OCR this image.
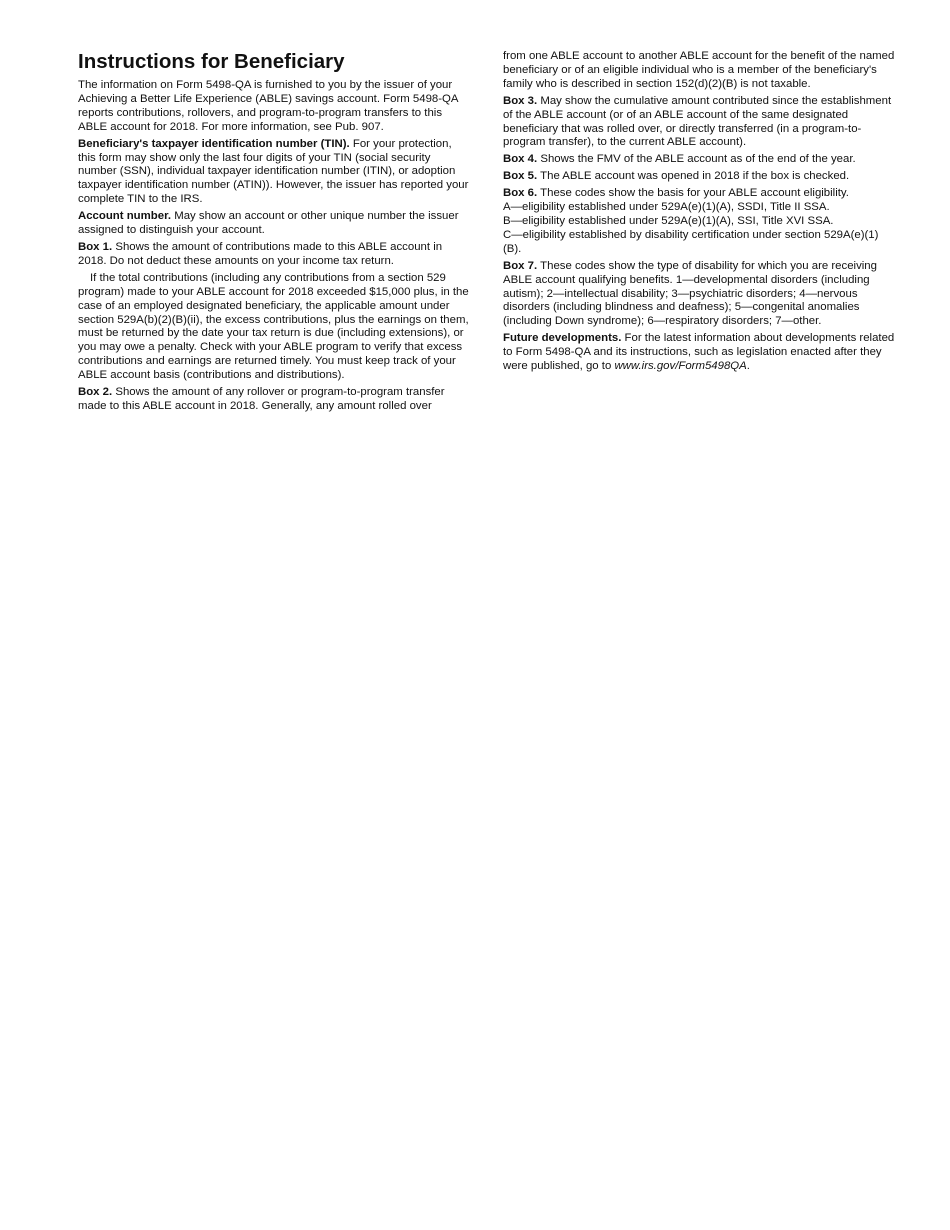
Instructions for Beneficiary

The information on Form 5498-QA is furnished to you by the issuer of your Achieving a Better Life Experience (ABLE) savings account. Form 5498-QA reports contributions, rollovers, and program-to-program transfers to this ABLE account for 2018. For more information, see Pub. 907.

Beneficiary's taxpayer identification number (TIN). For your protection, this form may show only the last four digits of your TIN (social security number (SSN), individual taxpayer identification number (ITIN), or adoption taxpayer identification number (ATIN)). However, the issuer has reported your complete TIN to the IRS.

Account number. May show an account or other unique number the issuer assigned to distinguish your account.

Box 1. Shows the amount of contributions made to this ABLE account in 2018. Do not deduct these amounts on your income tax return.

If the total contributions (including any contributions from a section 529 program) made to your ABLE account for 2018 exceeded $15,000 plus, in the case of an employed designated beneficiary, the applicable amount under section 529A(b)(2)(B)(ii), the excess contributions, plus the earnings on them, must be returned by the date your tax return is due (including extensions), or you may owe a penalty. Check with your ABLE program to verify that excess contributions and earnings are returned timely. You must keep track of your ABLE account basis (contributions and distributions).

Box 2. Shows the amount of any rollover or program-to-program transfer made to this ABLE account in 2018. Generally, any amount rolled over

from one ABLE account to another ABLE account for the benefit of the named beneficiary or of an eligible individual who is a member of the beneficiary's family who is described in section 152(d)(2)(B) is not taxable.

Box 3. May show the cumulative amount contributed since the establishment of the ABLE account (or of an ABLE account of the same designated beneficiary that was rolled over, or directly transferred (in a program-to-program transfer), to the current ABLE account).

Box 4. Shows the FMV of the ABLE account as of the end of the year.

Box 5. The ABLE account was opened in 2018 if the box is checked.

Box 6. These codes show the basis for your ABLE account eligibility.
A—eligibility established under 529A(e)(1)(A), SSDI, Title II SSA.
B—eligibility established under 529A(e)(1)(A), SSI, Title XVI SSA.
C—eligibility established by disability certification under section 529A(e)(1)(B).

Box 7. These codes show the type of disability for which you are receiving ABLE account qualifying benefits. 1—developmental disorders (including autism); 2—intellectual disability; 3—psychiatric disorders; 4—nervous disorders (including blindness and deafness); 5—congenital anomalies (including Down syndrome); 6—respiratory disorders; 7—other.

Future developments. For the latest information about developments related to Form 5498-QA and its instructions, such as legislation enacted after they were published, go to www.irs.gov/Form5498QA.
